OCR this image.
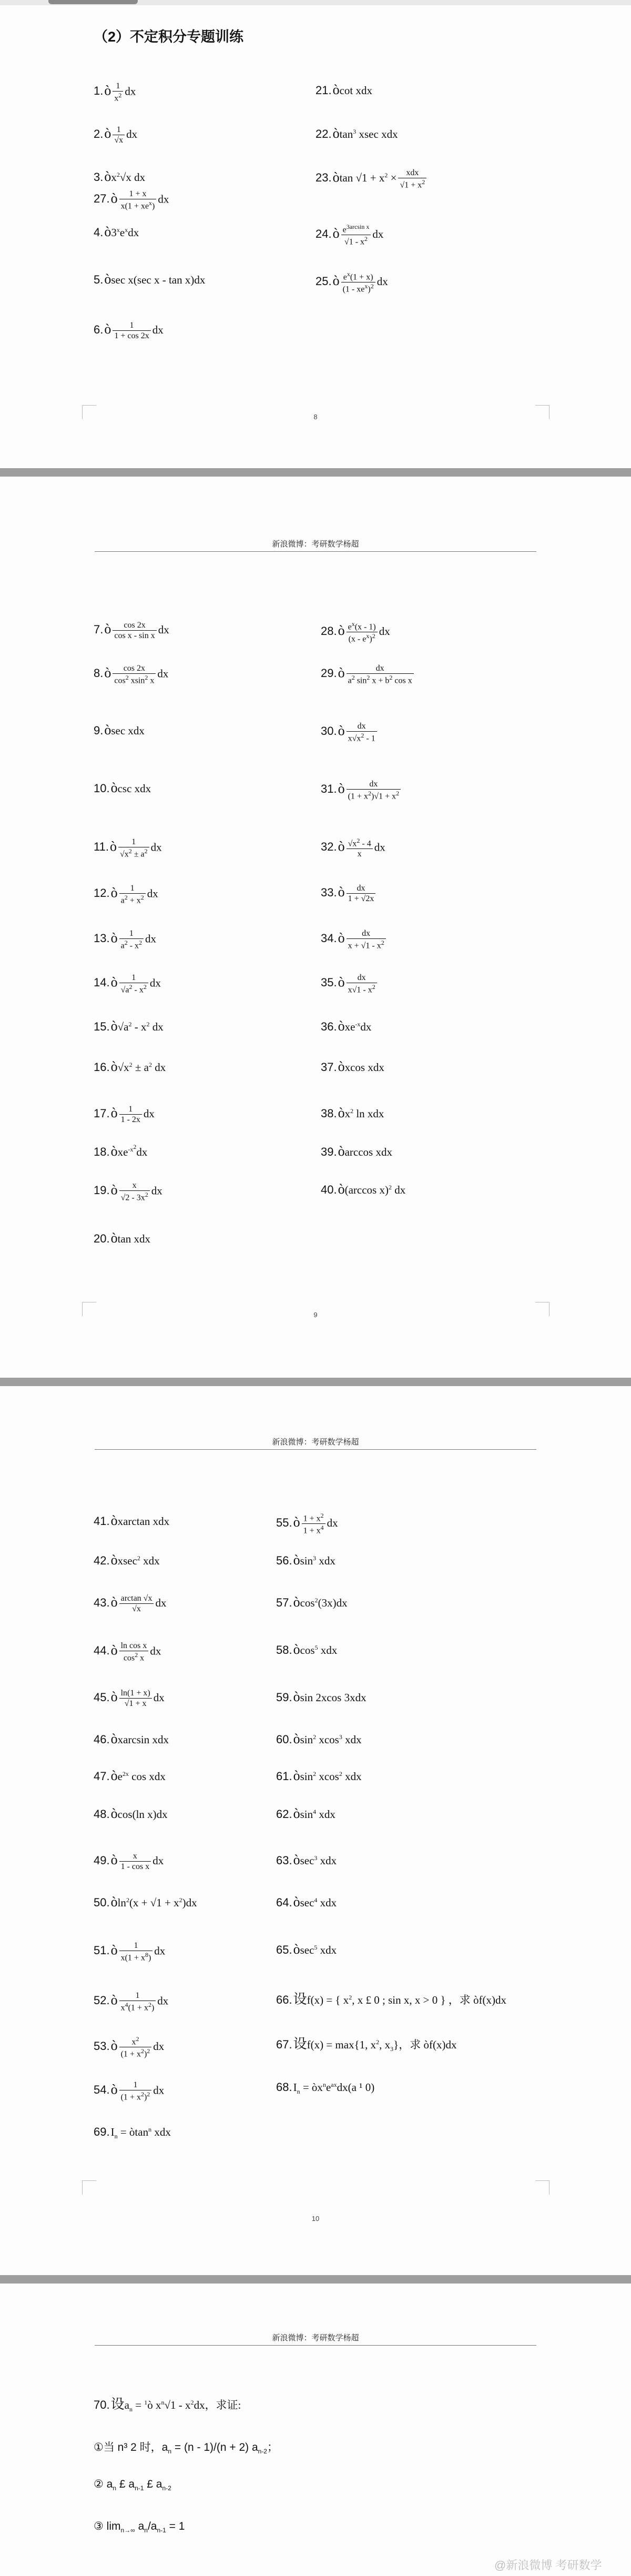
（2）不定积分专题训练
新浪微博：考研数学杨超
新浪微博：考研数学杨超
新浪微博：考研数学杨超
8
9
10
1.ò $\frac{1}{x^2}$ dx
2.ò $\frac{1}{√x}$ dx
$3.òx^2√x$ dx
$4.ò3^xe^xdx$
5.òsec x(sec x - tan x)dx
6.ò $\frac{1}{1 + \cos 2x}$ dx
7.ò $\frac{\cos 2x}{\text{cos x - sin x}}$ dx
8.ò $\frac{\cos 2x}{\cos^2 xsin^2 x}$ dx
9.òsec xdx
10.òcsc xdx
11.ò $\frac{1}{√x^2 \pm a^2}$ dx
12.ò $\frac{1}{a^2 + x^2}$ dx
13.ò $\frac{1}{a^2 - x^2}$ dx
14.ò $\frac{1}{√a^2 - x^2}$ dx
$15.ò√a^2 - x^2$ dx
$16.ò√x^2 \pm a^2$ dx
17.ò $\frac{1}{1 - 2x}$ dx
18.òxe$^{-x^2}$dx
19.ò $\frac{x}{√2 - 3x^2}$ dx
20.òtan xdx
21.òcot xdx
22.òtan$^3$ xsec xdx
23.òtan $√1 + x^2$ ×	xdx
$√1 + x^2$
24.ò $\frac{e^{3arcsin x}}{√1 - x^2}$ dx
25.ò $e^x(1 + x)$
$(1 - xe^x)^2$ dx
27.ò	1 + x
$x(1 + xe^x)$
dx
28.ò $\frac{e^x(x - 1)}{(x - e^x)^2}$ dx
29.ò $\frac{dx}{a^2 \sin^2 x + b^2 \cos x}$
30.ò $\frac{dx}{x√x^2 - 1}$
31.ò $\frac{dx}{(1 + x^2)√1 + x^2}$
32.ò $\frac{√x^2 - 4}{x}$ dx
33.ò $\frac{dx}{1 + √2x}$
34.ò $\frac{dx}{x + √1 - x^2}$
35.ò $\frac{dx}{x√1 - x^2}$
36.òxe$^{-x}$dx
37.òxcos xdx
$38.òx^2$ ln xdx
39.òarccos xdx
40.ò(arccos x)$^2$ dx
41.òxarctan xdx
42.òxsec$^2$ xdx
43.ò $\frac{\arctan √x}{√x}$ dx
44.ò $\frac{\text{ln cos x}}{\cos^2 x}$ dx
45.ò $\frac{\ln(1 + x)}{√1 + x}$ dx
46.òxarcsin xdx
$47.òe^{2x}$ cos xdx
48.òcos(ln x)dx
49.ò $\frac{x}{\text{1 - cos x}}$ dx
50.òln$^2$(x + $√1 + x^2)dx$
51.ò $\frac{1}{x(1 + x^8)}$ dx
52.ò $\frac{1}{x^4(1 + x^2)}$ dx
53.ò $\frac{x^2}{(1 + x^2)^2}$ dx
54.ò $\frac{1}{(1 + x^2)^2}$ dx
55.ò $\frac{1 + x^2}{1 + x^4}$ dx
56.òsin$^3$ xdx
57.òcos$^2$(3x)dx
58.òcos$^5$ xdx
59.òsin 2xcos 3xdx
60.òsin$^2$ xcos$^3$ xdx
61.òsin$^2$ xcos$^2$ xdx
62.òsin$^4$ xdx
63.òsec$^3$ xdx
64.òsec$^4$ xdx
65.òsec$^5$ xdx
66.设f(x) = { $x^2$, x £ 0 ; sin x, x > 0 } ，求 òf(x)dx
67.设f(x) = max{1, $x^2$, $x_3$}，求 òf(x)dx
$68.I_n$ = $òx^ne^{ax}dx(a$ ¹ 0)
$69.I_n$ = òtan$^n$ xdx
70.设$a_n$ = $^1$ò $x^n√1 - x^2dx$，求证:
①当 n³ 2 时，$a_n = (n - 1)/(n + 2)$ $a_{n-2}$；
② $a_n$ £ $a_{n-1}$ £ $a_{n-2}$
③ $\lim_{n\to\infty} a_n/a_{n-1} = 1$
@新浪微博 考研数学
